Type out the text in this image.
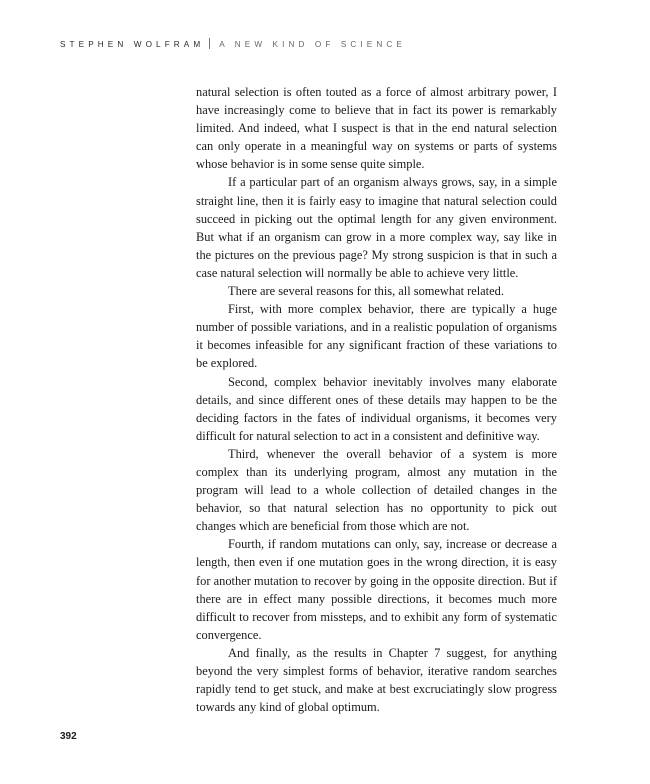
STEPHEN WOLFRAM A NEW KIND OF SCIENCE

natural selection is often touted as a force of almost arbitrary power, I have increasingly come to believe that in fact its power is remarkably limited. And indeed, what I suspect is that in the end natural selection can only operate in a meaningful way on systems or parts of systems whose behavior is in some sense quite simple.

If a particular part of an organism always grows, say, in a simple straight line, then it is fairly easy to imagine that natural selection could succeed in picking out the optimal length for any given environment. But what if an organism can grow in a more complex way, say like in the pictures on the previous page? My strong suspicion is that in such a case natural selection will normally be able to achieve very little.

There are several reasons for this, all somewhat related.

First, with more complex behavior, there are typically a huge number of possible variations, and in a realistic population of organisms it becomes infeasible for any significant fraction of these variations to be explored.

Second, complex behavior inevitably involves many elaborate details, and since different ones of these details may happen to be the deciding factors in the fates of individual organisms, it becomes very difficult for natural selection to act in a consistent and definitive way.

Third, whenever the overall behavior of a system is more complex than its underlying program, almost any mutation in the program will lead to a whole collection of detailed changes in the behavior, so that natural selection has no opportunity to pick out changes which are beneficial from those which are not.

Fourth, if random mutations can only, say, increase or decrease a length, then even if one mutation goes in the wrong direction, it is easy for another mutation to recover by going in the opposite direction. But if there are in effect many possible directions, it becomes much more difficult to recover from missteps, and to exhibit any form of systematic convergence.

And finally, as the results in Chapter 7 suggest, for anything beyond the very simplest forms of behavior, iterative random searches rapidly tend to get stuck, and make at best excruciatingly slow progress towards any kind of global optimum.

392
